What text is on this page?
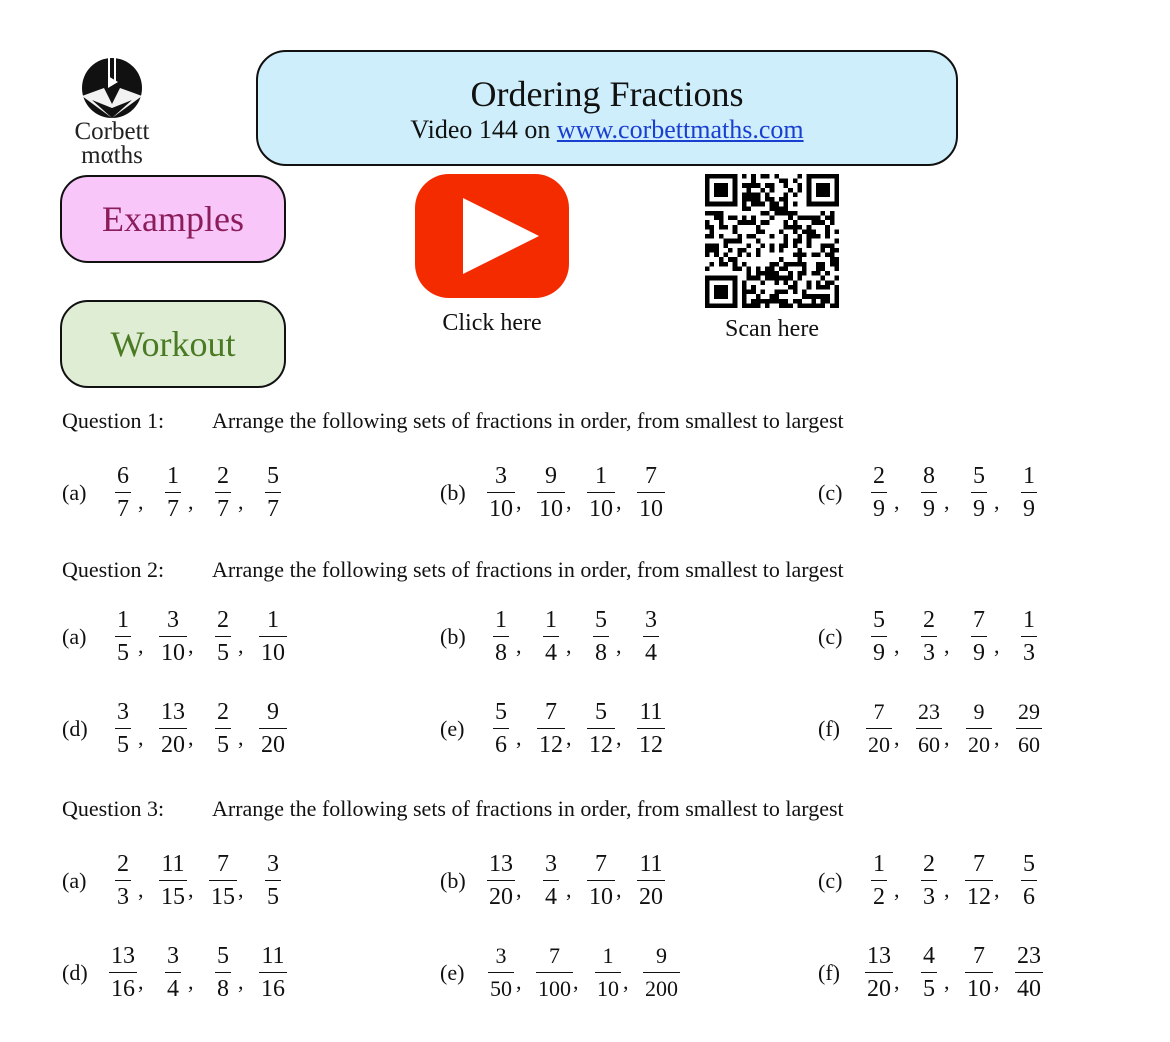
Corbett
mαths
Ordering Fractions
Video 144 on www.corbettmaths.com
Examples
Workout
Click here	Scan here
Question 1: Arrange the following sets of fractions in order, from smallest to largest
$(a) \frac{6}{7}$ , $\frac{1}{7}$ , $\frac{2}{7}$ , $\frac{5}{7}$	$(b) \frac{3}{10}$ , $\frac{9}{10}$ , $\frac{1}{10}$ , $\frac{7}{10}$	$(c) \frac{2}{9}$ , $\frac{8}{9}$ , $\frac{5}{9}$ , $\frac{1}{9}$
Question 2: Arrange the following sets of fractions in order, from smallest to largest
$(a) \frac{1}{5}$ , $\frac{3}{10}$ , $\frac{2}{5}$ , $\frac{1}{10}$	$(b) \frac{1}{8}$ , $\frac{1}{4}$ , $\frac{5}{8}$ , $\frac{3}{4}$	$(c) \frac{5}{9}$ , $\frac{2}{3}$ , $\frac{7}{9}$ , $\frac{1}{3}$
$(d) \frac{3}{5}$ , $\frac{13}{20}$ , $\frac{2}{5}$ , $\frac{9}{20}$	$(e) \frac{5}{6}$ , $\frac{7}{12}$ , $\frac{5}{12}$ , $\frac{11}{12}$	(f)	$\frac{7}{20}$ , $\frac{23}{60}$ , $\frac{9}{20}$ , $\frac{29}{60}$
Question 3: Arrange the following sets of fractions in order, from smallest to largest
$(a) \frac{2}{3}$ , $\frac{11}{15}$ , $\frac{7}{15}$ , $\frac{3}{5}$	$(b) \frac{13}{20}$ , $\frac{3}{4}$ , $\frac{7}{10}$ , $\frac{11}{20}$	$(c) \frac{1}{2}$ , $\frac{2}{3}$ , $\frac{7}{12}$ , $\frac{5}{6}$
$(d) \frac{13}{16}$ , $\frac{3}{4}$ , $\frac{5}{8}$ , $\frac{11}{16}$	$(e) \frac{3}{50}$ , $\frac{7}{100}$ , $\frac{1}{10}$ , $\frac{9}{200}$	(f)	$\frac{13}{20}$ , $\frac{4}{5}$ , $\frac{7}{10}$ , $\frac{23}{40}$
